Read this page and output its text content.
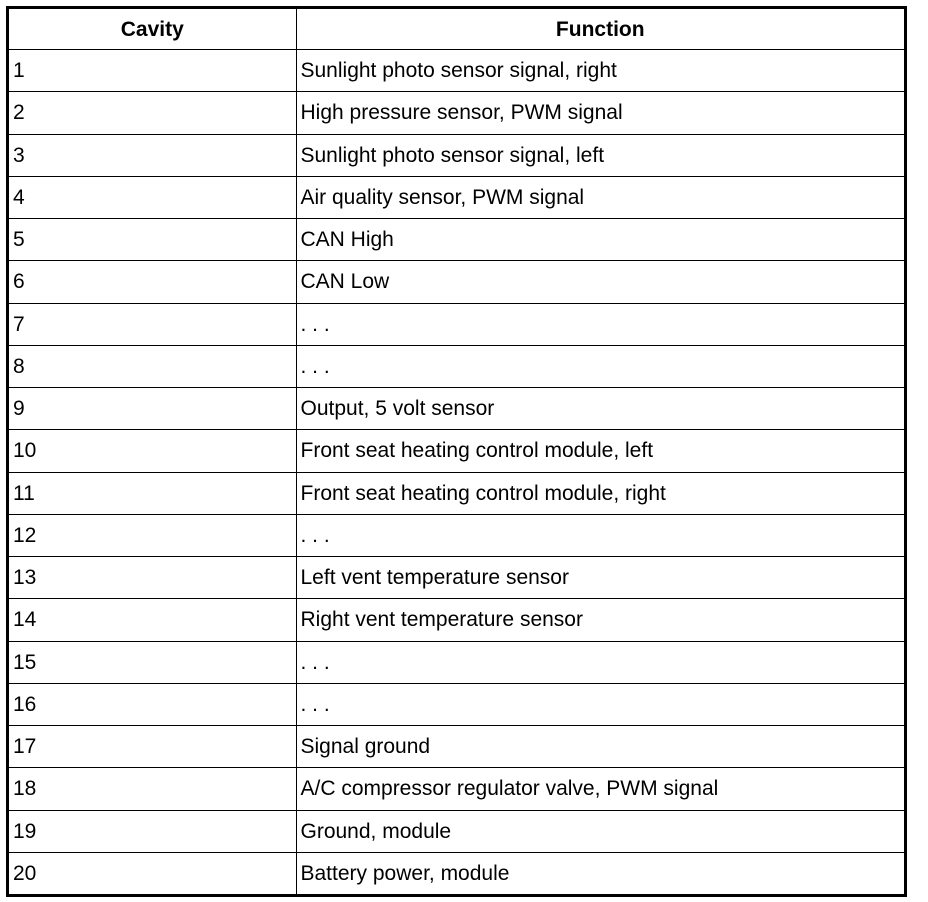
Cavity	Function
1	Sunlight photo sensor signal, right
2	High pressure sensor, PWM signal
3	Sunlight photo sensor signal, left
4	Air quality sensor, PWM signal
5	CAN High
6	CAN Low
7	. . .
8	. . .
9	Output, 5 volt sensor
10	Front seat heating control module, left
11	Front seat heating control module, right
12	. . .
13	Left vent temperature sensor
14	Right vent temperature sensor
15	. . .
16	. . .
17	Signal ground
18	A/C compressor regulator valve, PWM signal
19	Ground, module
20	Battery power, module
